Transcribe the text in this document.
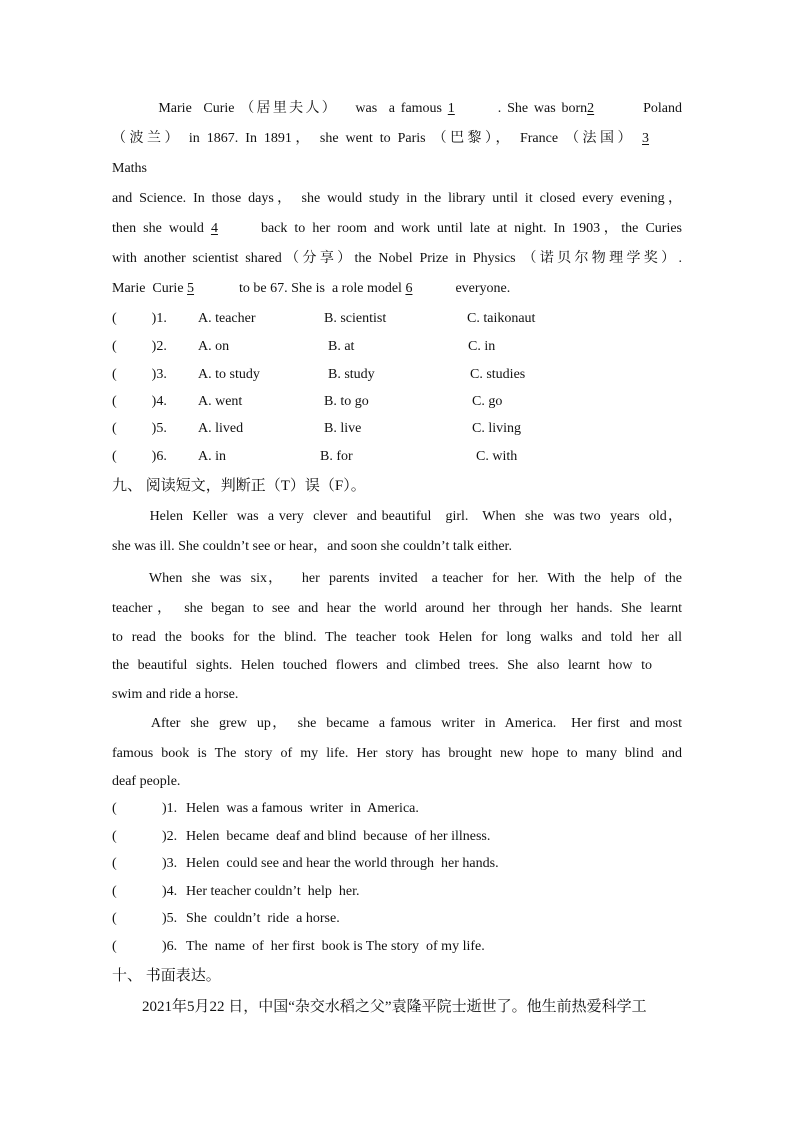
Marie  Curie （居里夫人）   was  a famous 1	. She was born2	Poland
（波兰） in 1867. In 1891， she went to Paris （巴黎）， France （法国） 3
Maths
and Science. In those days， she would study in the library until it closed every evening，
then she would 4	back to her room and work until late at night. In 1903，the Curies
with another scientist shared（分享）the Nobel Prize in Physics （诺贝尔物理学奖）.
Marie  Curie 5	to be 67. She is  a role model 6	everyone.
(          )1. A. teacher	B. scientist	C. taikonaut
(          )2. A. on	B. at	C. in
(          )3. A. to study	B. study	C. studies
(          )4. A. went	B. to go	C. go
(          )5. A. lived	B. live	C. living
(          )6. A. in	B. for	C. with
九、 阅读短文，判断正（T）误（F）。
Helen  Keller  was  a very  clever  and beautiful   girl.   When  she  was two  years  old，
she was ill. She couldn’t see or hear，and soon she couldn’t talk either.
When  she  was  six，    her  parents  invited   a teacher  for  her.  With  the  help  of  the
teacher， she began to see and hear the world around her through her hands. She learnt
to read the books for the blind. The teacher took Helen for long walks and told her all
the beautiful sights. Helen touched flowers and climbed trees. She also learnt how to
swim and ride a horse.
After  she  grew  up，  she  became  a famous  writer  in  America.   Her first  and most
famous book is The story of my life. Her story has brought new hope to many blind and
deaf people.
(	)1. Helen  was a famous  writer  in  America.
(	)2. Helen  became  deaf and blind  because  of her illness.
(	)3. Helen  could see and hear the world through  her hands.
(	)4. Her teacher couldn’t  help  her.
(	)5. She  couldn’t  ride  a horse.
(	)6. The  name  of  her first  book is The story  of my life.
十、 书面表达。
2021年5月22 日，中国“杂交水稻之父”袁隆平院士逝世了。他生前热爱科学工
